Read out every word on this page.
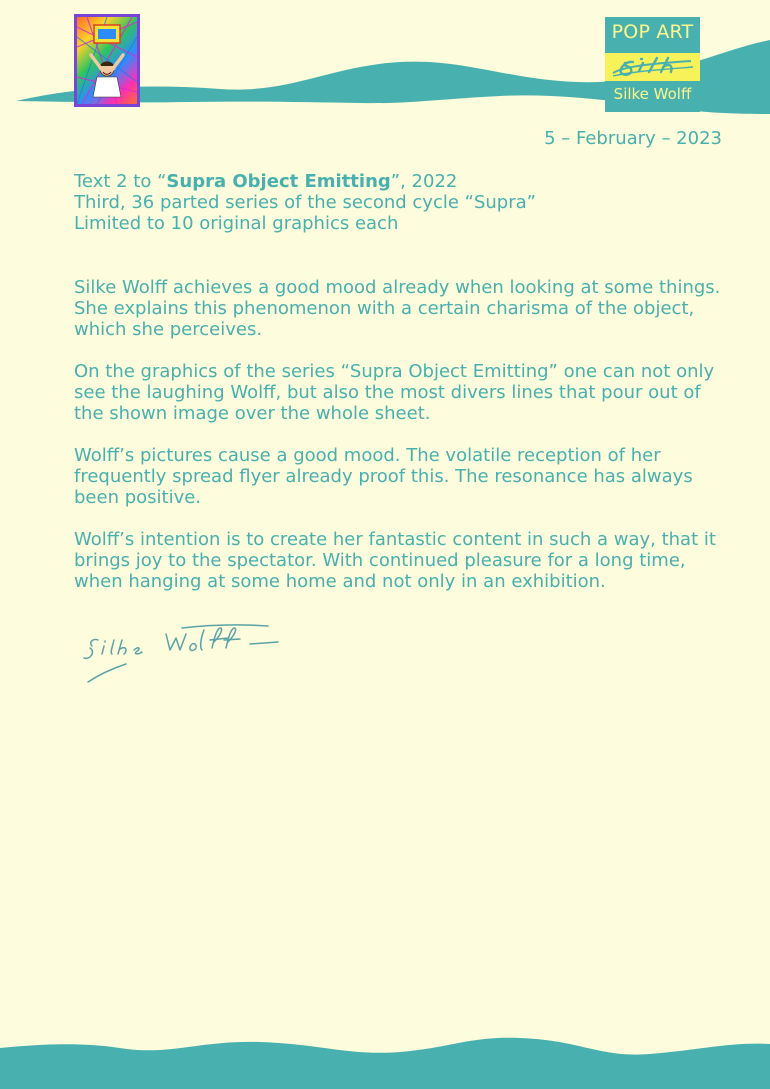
POP ART
Silke Wolff
5 – February – 2023
Text 2 to “Supra Object Emitting”, 2022
Third, 36 parted series of the second cycle “Supra”
Limited to 10 original graphics each

Silke Wolff achieves a good mood already when looking at some things. She explains this phenomenon with a certain charisma of the object, which she perceives.

On the graphics of the series “Supra Object Emitting” one can not only see the laughing Wolff, but also the most divers lines that pour out of the shown image over the whole sheet.

Wolff’s pictures cause a good mood. The volatile reception of her frequently spread flyer already proof this. The resonance has always been positive.

Wolff’s intention is to create her fantastic content in such a way, that it brings joy to the spectator. With continued pleasure for a long time, when hanging at some home and not only in an exhibition.
